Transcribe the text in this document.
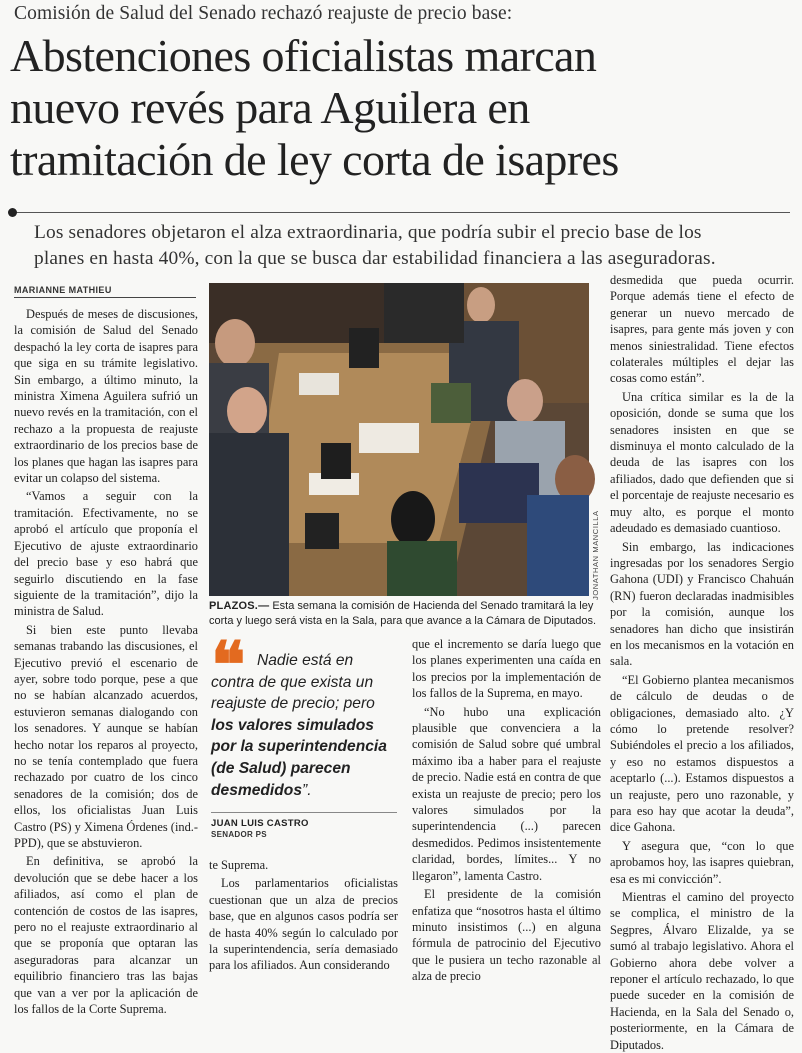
Comisión de Salud del Senado rechazó reajuste de precio base:
Abstenciones oficialistas marcan
nuevo revés para Aguilera en
tramitación de ley corta de isapres
Los senadores objetaron el alza extraordinaria, que podría subir el precio base de los
planes en hasta 40%, con la que se busca dar estabilidad financiera a las aseguradoras.
MARIANNE MATHIEU

Después de meses de discusiones, la comisión de Salud del Senado despachó la ley corta de isapres para que siga en su trámite legislativo. Sin embargo, a último minuto, la ministra Ximena Aguilera sufrió un nuevo revés en la tramitación, con el rechazo a la propuesta de reajuste extraordinario de los precios base de los planes que hagan las isapres para evitar un colapso del sistema.

“Vamos a seguir con la tramitación. Efectivamente, no se aprobó el artículo que proponía el Ejecutivo de ajuste extraordinario del precio base y eso habrá que seguirlo discutiendo en la fase siguiente de la tramitación”, dijo la ministra de Salud.

Si bien este punto llevaba semanas trabando las discusiones, el Ejecutivo previó el escenario de ayer, sobre todo porque, pese a que no se habían alcanzado acuerdos, estuvieron semanas dialogando con los senadores. Y aunque se habían hecho notar los reparos al proyecto, no se tenía contemplado que fuera rechazado por cuatro de los cinco senadores de la comisión; dos de ellos, los oficialistas Juan Luis Castro (PS) y Ximena Órdenes (ind.-PPD), que se abstuvieron.

En definitiva, se aprobó la devolución que se debe hacer a los afiliados, así como el plan de contención de costos de las isapres, pero no el reajuste extraordinario al que se proponía que optaran las aseguradoras para alcanzar un equilibrio financiero tras las bajas que van a ver por la aplicación de los fallos de la Corte Suprema.

JONATHAN MANCILLA
PLAZOS.— Esta semana la comisión de Hacienda del Senado tramitará la ley corta y luego será vista en la Sala, para que avance a la Cámara de Diputados.
❝ Nadie está en contra de que exista un reajuste de precio; pero los valores simulados por la superintendencia (de Salud) parecen desmedidos”.
JUAN LUIS CASTRO
SENADOR PS

te Suprema.

Los parlamentarios oficialistas cuestionan que un alza de precios base, que en algunos casos podría ser de hasta 40% según lo calculado por la superintendencia, sería demasiado para los afiliados. Aun considerando

que el incremento se daría luego que los planes experimenten una caída en los precios por la implementación de los fallos de la Suprema, en mayo.

“No hubo una explicación plausible que convenciera a la comisión de Salud sobre qué umbral máximo iba a haber para el reajuste de precio. Nadie está en contra de que exista un reajuste de precio; pero los valores simulados por la superintendencia (...) parecen desmedidos. Pedimos insistentemente claridad, bordes, límites... Y no llegaron”, lamenta Castro.

El presidente de la comisión enfatiza que “nosotros hasta el último minuto insistimos (...) en alguna fórmula de patrocinio del Ejecutivo que le pusiera un techo razonable al alza de precio

desmedida que pueda ocurrir. Porque además tiene el efecto de generar un nuevo mercado de isapres, para gente más joven y con menos siniestralidad. Tiene efectos colaterales múltiples el dejar las cosas como están”.

Una crítica similar es la de la oposición, donde se suma que los senadores insisten en que se disminuya el monto calculado de la deuda de las isapres con los afiliados, dado que defienden que si el porcentaje de reajuste necesario es muy alto, es porque el monto adeudado es demasiado cuantioso.

Sin embargo, las indicaciones ingresadas por los senadores Sergio Gahona (UDI) y Francisco Chahuán (RN) fueron declaradas inadmisibles por la comisión, aunque los senadores han dicho que insistirán en los mecanismos en la votación en sala.

“El Gobierno plantea mecanismos de cálculo de deudas o de obligaciones, demasiado alto. ¿Y cómo lo pretende resolver? Subiéndoles el precio a los afiliados, y eso no estamos dispuestos a aceptarlo (...). Estamos dispuestos a un reajuste, pero uno razonable, y para eso hay que acotar la deuda”, dice Gahona.

Y asegura que, “con lo que aprobamos hoy, las isapres quiebran, esa es mi convicción”.

Mientras el camino del proyecto se complica, el ministro de la Segpres, Álvaro Elizalde, ya se sumó al trabajo legislativo. Ahora el Gobierno ahora debe volver a reponer el artículo rechazado, lo que puede suceder en la comisión de Hacienda, en la Sala del Senado o, posteriormente, en la Cámara de Diputados.
